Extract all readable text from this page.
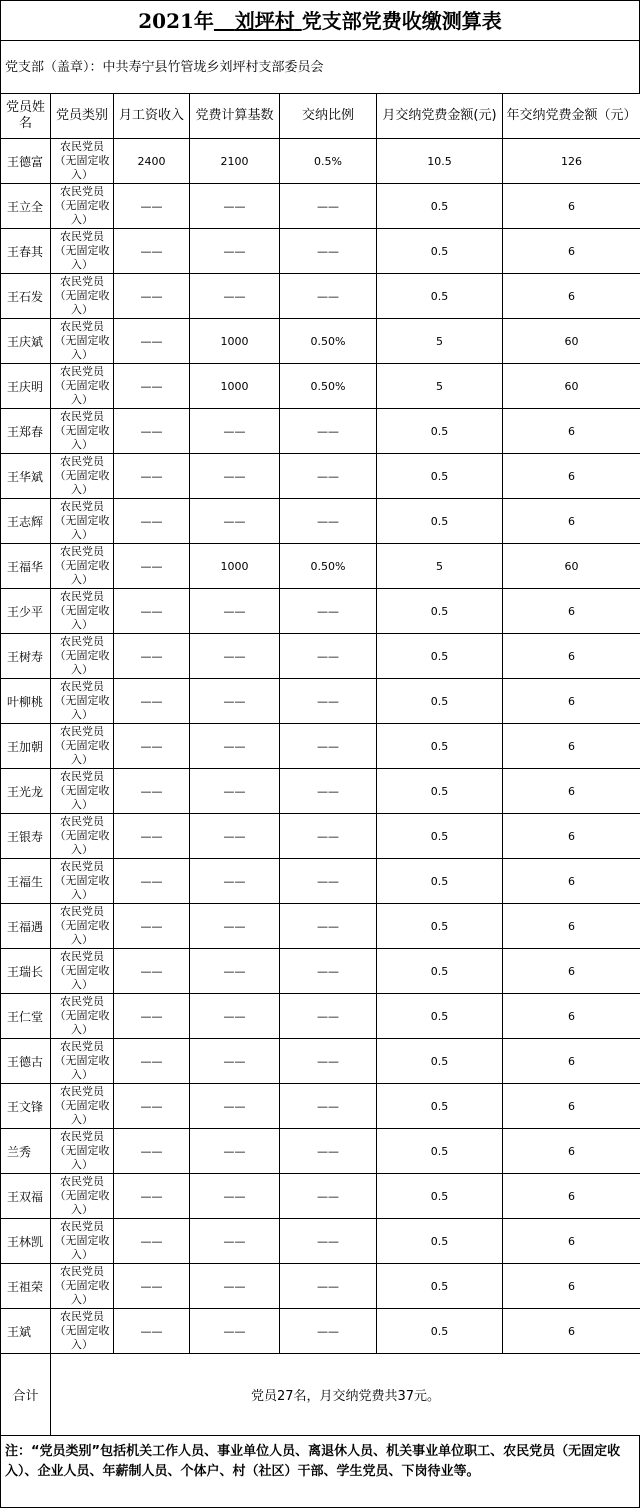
2021年 刘坪村 党支部党费收缴测算表
党支部（盖章）：中共寿宁县竹管垅乡刘坪村支部委员会
党员姓名	党员类别	月工资收入	党费计算基数	交纳比例	月交纳党费金额(元)	年交纳党费金额（元）
王德富	农民党员（无固定收入）	2400	2100	0.5%	10.5	126
王立全	农民党员（无固定收入）	——	——	——	0.5	6
王春其	农民党员（无固定收入）	——	——	——	0.5	6
王石发	农民党员（无固定收入）	——	——	——	0.5	6
王庆斌	农民党员（无固定收入）	——	1000	0.50%	5	60
王庆明	农民党员（无固定收入）	——	1000	0.50%	5	60
王郑春	农民党员（无固定收入）	——	——	——	0.5	6
王华斌	农民党员（无固定收入）	——	——	——	0.5	6
王志辉	农民党员（无固定收入）	——	——	——	0.5	6
王福华	农民党员（无固定收入）	——	1000	0.50%	5	60
王少平	农民党员（无固定收入）	——	——	——	0.5	6
王树寿	农民党员（无固定收入）	——	——	——	0.5	6
叶柳桃	农民党员（无固定收入）	——	——	——	0.5	6
王加朝	农民党员（无固定收入）	——	——	——	0.5	6
王光龙	农民党员（无固定收入）	——	——	——	0.5	6
王银寿	农民党员（无固定收入）	——	——	——	0.5	6
王福生	农民党员（无固定收入）	——	——	——	0.5	6
王福遇	农民党员（无固定收入）	——	——	——	0.5	6
王瑞长	农民党员（无固定收入）	——	——	——	0.5	6
王仁堂	农民党员（无固定收入）	——	——	——	0.5	6
王德古	农民党员（无固定收入）	——	——	——	0.5	6
王文锋	农民党员（无固定收入）	——	——	——	0.5	6
兰秀	农民党员（无固定收入）	——	——	——	0.5	6
王双福	农民党员（无固定收入）	——	——	——	0.5	6
王林凯	农民党员（无固定收入）	——	——	——	0.5	6
王祖荣	农民党员（无固定收入）	——	——	——	0.5	6
王斌	农民党员（无固定收入）	——	——	——	0.5	6
合计	党员27名，月交纳党费共37元。					
注：“党员类别”包括机关工作人员、事业单位人员、离退休人员、机关事业单位职工、农民党员（无固定收入）、企业人员、年薪制人员、个体户、村（社区）干部、学生党员、下岗待业等。
